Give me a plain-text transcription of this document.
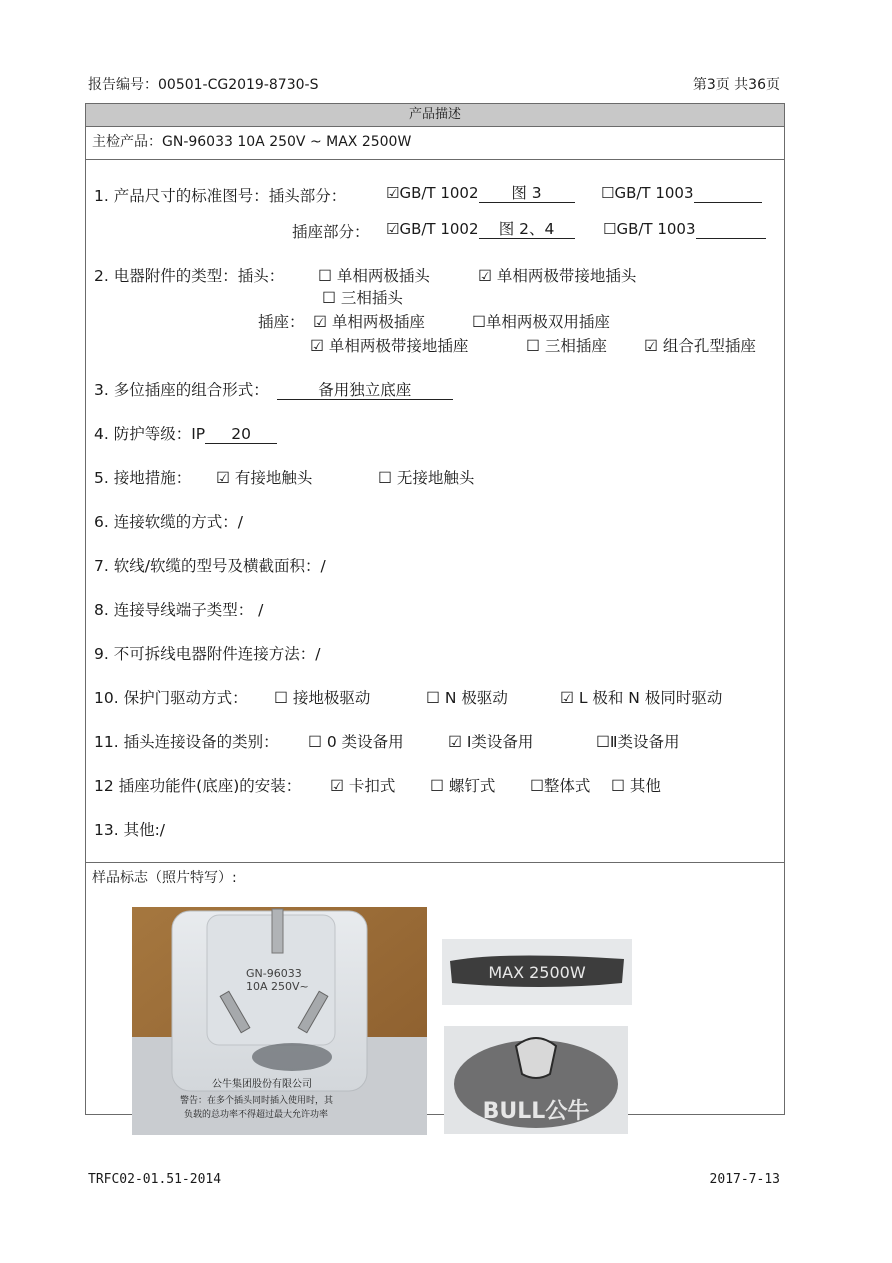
报告编号：00501-CG2019-8730-S	第3页 共36页
产品描述
主检产品：GN-96033 10A 250V ~ MAX 2500W
1. 产品尺寸的标准图号：插头部分：	☑GB/T 1002 图 3	☐GB/T 1003
插座部分： ☑GB/T 1002 图 2、4	☐GB/T 1003
2. 电器附件的类型：插头： ☐ 单相两极插头	☑ 单相两极带接地插头
☐ 三相插头
插座： ☑ 单相两极插座	☐单相两极双用插座
☑ 单相两极带接地插座	☐ 三相插座 ☑ 组合孔型插座
3. 多位插座的组合形式：	备用独立底座
4. 防护等级：IP 20
5. 接地措施： ☑ 有接地触头	☐ 无接地触头
6. 连接软缆的方式：/
7. 软线/软缆的型号及横截面积：/
8. 连接导线端子类型： /
9. 不可拆线电器附件连接方法：/
10. 保护门驱动方式： ☐ 接地极驱动	☐ N 极驱动	☑ L 极和 N 极同时驱动
11. 插头连接设备的类别： ☐ 0 类设备用	☑ Ⅰ类设备用	☐Ⅱ类设备用
12 插座功能件(底座)的安装： ☑ 卡扣式 ☐ 螺钉式 ☐整体式 ☐ 其他
13. 其他:/
样品标志（照片特写）:
GN-96033
10A 250V~
公牛集团股份有限公司
警告：在多个插头同时插入使用时，其
负载的总功率不得超过最大允许功率
MAX 2500W
BULL公牛
TRFC02-01.51-2014	2017-7-13
